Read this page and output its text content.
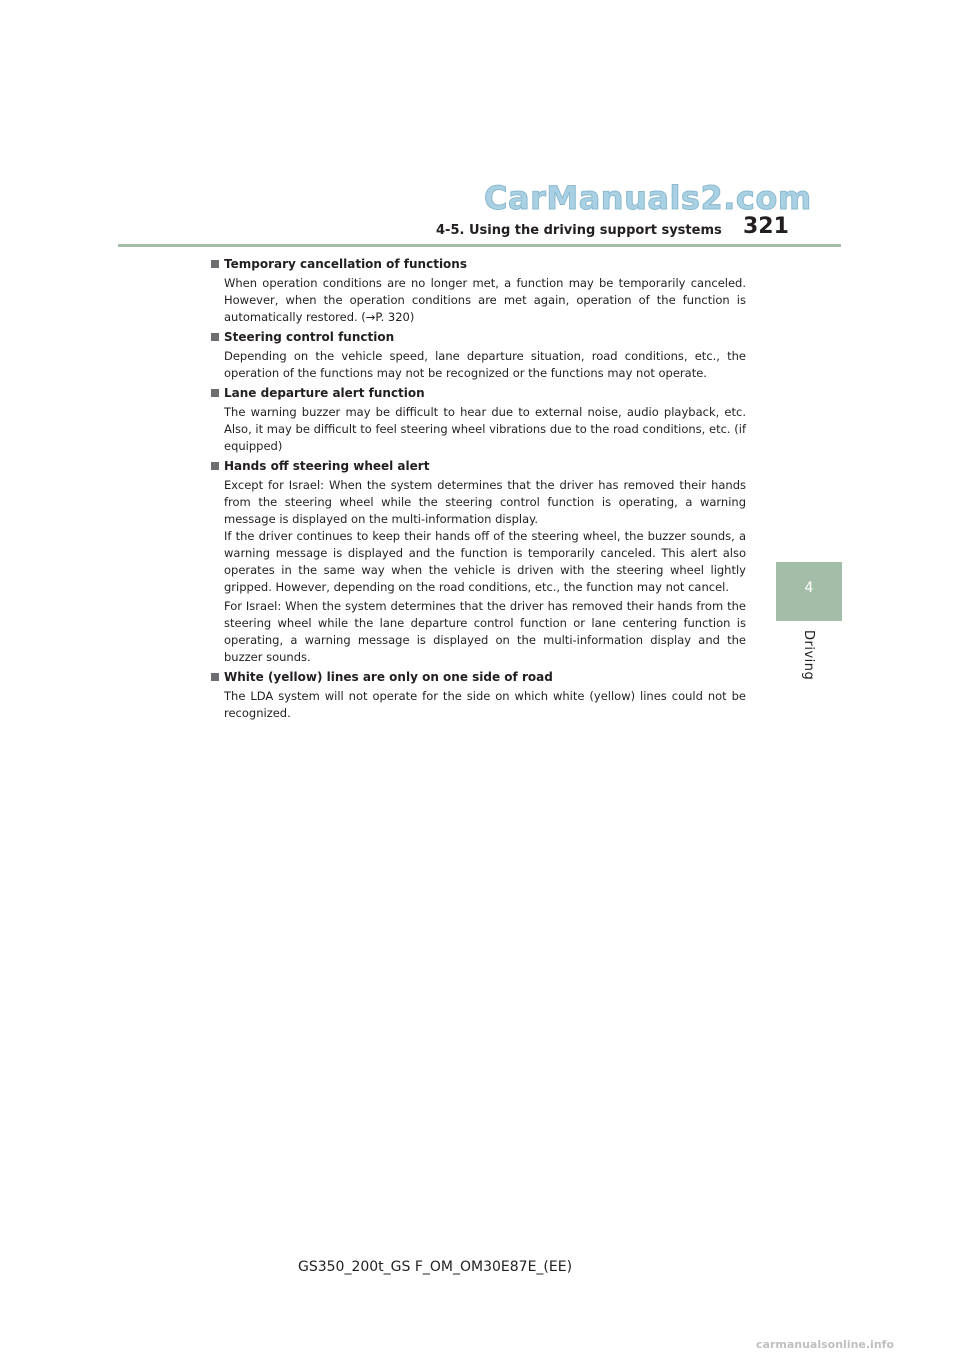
CarManuals2.com
4-5. Using the driving support systems 321
4
Driving
Temporary cancellation of functions

When operation conditions are no longer met, a function may be temporarily canceled. However, when the operation conditions are met again, operation of the function is automatically restored. (→P. 320)

Steering control function

Depending on the vehicle speed, lane departure situation, road conditions, etc., the operation of the functions may not be recognized or the functions may not operate.

Lane departure alert function

The warning buzzer may be difficult to hear due to external noise, audio playback, etc. Also, it may be difficult to feel steering wheel vibrations due to the road conditions, etc. (if equipped)

Hands off steering wheel alert

Except for Israel: When the system determines that the driver has removed their hands from the steering wheel while the steering control function is operating, a warning message is displayed on the multi-information display.

If the driver continues to keep their hands off of the steering wheel, the buzzer sounds, a warning message is displayed and the function is temporarily canceled. This alert also operates in the same way when the vehicle is driven with the steering wheel lightly gripped. However, depending on the road conditions, etc., the function may not cancel.

For Israel: When the system determines that the driver has removed their hands from the steering wheel while the lane departure control function or lane centering function is operating, a warning message is displayed on the multi-information display and the buzzer sounds.

White (yellow) lines are only on one side of road

The LDA system will not operate for the side on which white (yellow) lines could not be recognized.

GS350_200t_GS F_OM_OM30E87E_(EE)
carmanualsonline.info
